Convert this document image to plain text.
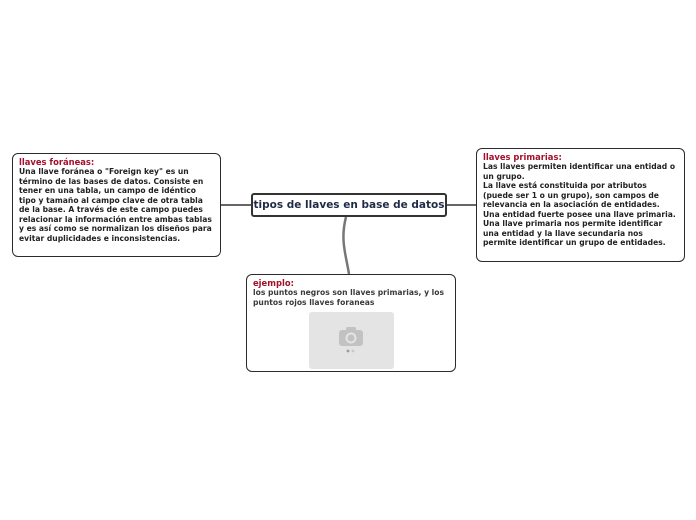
tipos de llaves en base de datos
llaves foráneas:
Una llave foránea o "Foreign key" es un término de las bases de datos. Consiste en tener en una tabla, un campo de idéntico tipo y tamaño al campo clave de otra tabla de la base. A través de este campo puedes relacionar la información entre ambas tablas y es así como se normalizan los diseños para evitar duplicidades e inconsistencias.
llaves primarias:
Las llaves permiten identificar una entidad o un grupo.
La llave está constituida por atributos (puede ser 1 o un grupo), son campos de relevancia en la asociación de entidades.
Una entidad fuerte posee una llave primaria.
Una llave primaria nos permite identificar una entidad y la llave secundaria nos permite identificar un grupo de entidades.
ejemplo:
los puntos negros son llaves primarias, y los puntos rojos llaves foraneas
